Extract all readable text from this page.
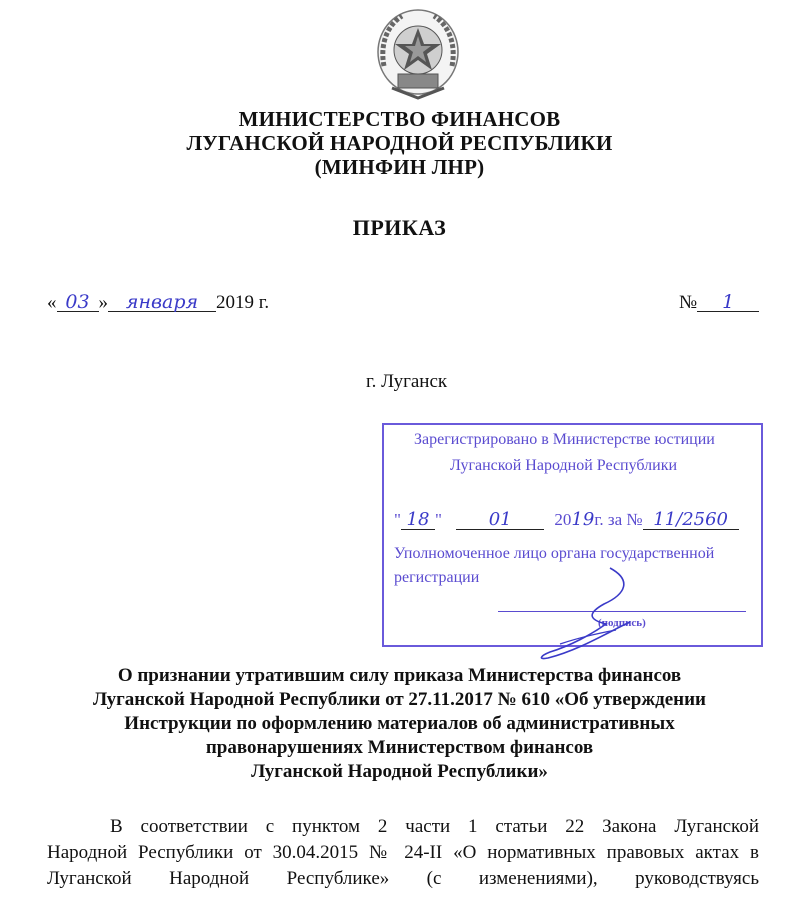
МИНИСТЕРСТВО ФИНАНСОВ
ЛУГАНСКОЙ НАРОДНОЙ РЕСПУБЛИКИ
(МИНФИН ЛНР)
ПРИКАЗ
« 03 » января 2019 г.	№ 1
г. Луганск
Зарегистрировано в Министерстве юстиции
Луганской Народной Республики
" 18 "	01	2019г. за № 11/2560
Уполномоченное лицо органа государственной
регистрации
(подпись)
О признании утратившим силу приказа Министерства финансов
Луганской Народной Республики от 27.11.2017 № 610 «Об утверждении
Инструкции по оформлению материалов об административных
правонарушениях Министерством финансов
Луганской Народной Республики»
В соответствии с пунктом 2 части 1 статьи 22 Закона Луганской
Народной Республики от 30.04.2015 № 24-II «О нормативных правовых актах в
Луганской Народной Республике» (с изменениями), руководствуясь
